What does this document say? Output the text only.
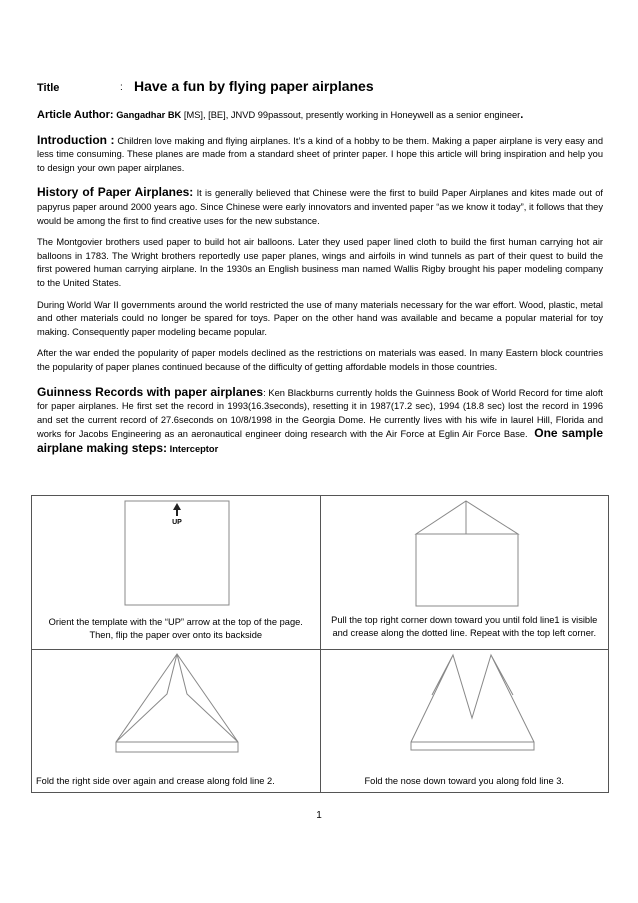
Title	: Have a fun by flying paper airplanes

Article Author: Gangadhar BK [MS], [BE], JNVD 99passout, presently working in Honeywell as a senior engineer.

Introduction : Children love making and flying airplanes. It’s a kind of a hobby to be them. Making a paper airplane is very easy and less time consuming. These planes are made from a standard sheet of printer paper. I hope this article will bring inspiration and help you to design your own paper airplanes.

History of Paper Airplanes: It is generally believed that Chinese were the first to build Paper Airplanes and kites made out of papyrus paper around 2000 years ago. Since Chinese were early innovators and invented paper “as we know it today”, it follows that they would be among the first to find creative uses for the new substance.

The Montgovier brothers used paper to build hot air balloons. Later they used paper lined cloth to build the first human carrying hot air balloons in 1783. The Wright brothers reportedly use paper planes, wings and airfoils in wind tunnels as part of their quest to build the first powered human carrying airplane. In the 1930s an English business man named Wallis Rigby brought his paper modeling company to the United States.

During World War II governments around the world restricted the use of many materials necessary for the war effort. Wood, plastic, metal and other materials could no longer be spared for toys. Paper on the other hand was available and became a popular material for toy making. Consequently paper modeling became popular.

After the war ended the popularity of paper models declined as the restrictions on materials was eased. In many Eastern block countries the popularity of paper planes continued because of the difficulty of getting affordable models in those countries.

Guinness Records with paper airplanes: Ken Blackburns currently holds the Guinness Book of World Record for time aloft for paper airplanes. He first set the record in 1993(16.3seconds), resetting it in 1987(17.2 sec), 1994 (18.8 sec) lost the record in 1996 and set the current record of 27.6seconds on 10/8/1998 in the Georgia Dome. He currently lives with his wife in laurel Hill, Florida and works for Jacobs Engineering as an aeronautical engineer doing research with the Air Force at Eglin Air Force Base. One sample airplane making steps: Interceptor

UP
Orient the template with the “UP” arrow at the top of the page. Then, flip the paper over onto its backside	Pull the top right corner down toward you until fold line1 is visible and crease along the dotted line. Repeat with the top left corner.

Fold the right side over again and crease along fold line 2.	Fold the nose down toward you along fold line 3.
1
